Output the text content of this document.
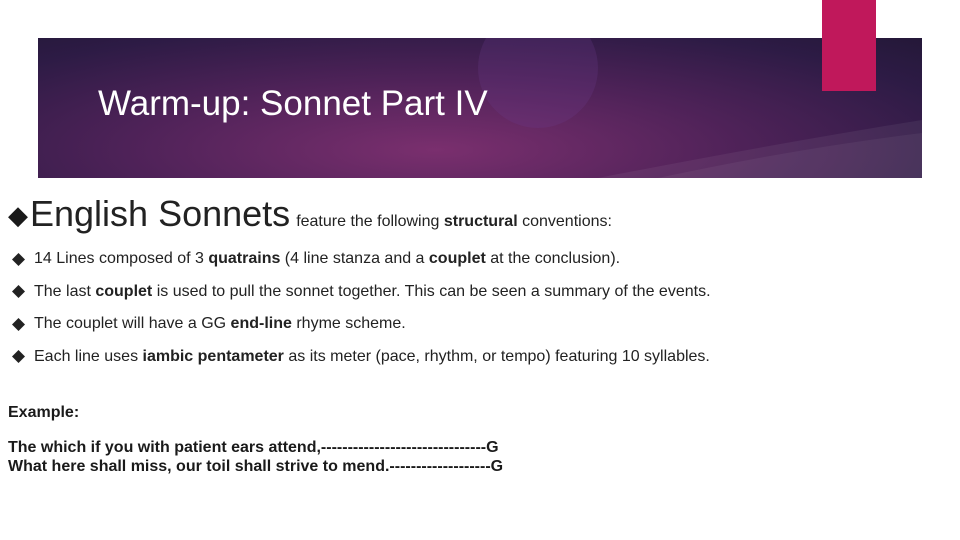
Warm-up: Sonnet Part IV
◆ English Sonnets feature the following structural conventions:
14 Lines composed of 3 quatrains (4 line stanza and a couplet at the conclusion).
The last couplet is used to pull the sonnet together. This can be seen a summary of the events.
The couplet will have a GG end-line rhyme scheme.
Each line uses iambic pentameter as its meter (pace, rhythm, or tempo) featuring 10 syllables.
Example:
The which if you with patient ears attend,-------------------------------G
What here shall miss, our toil shall strive to mend.-------------------G
